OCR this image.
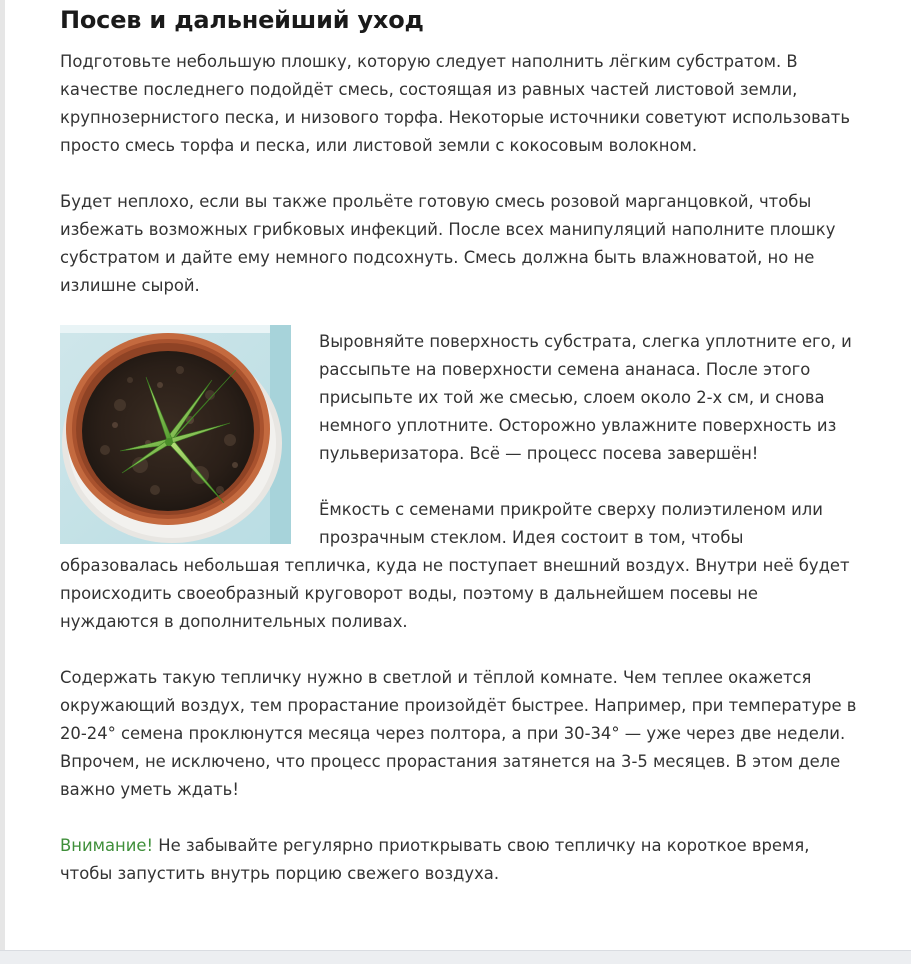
Посев и дальнейший уход

Подготовьте небольшую плошку, которую следует наполнить лёгким субстратом. В качестве последнего подойдёт смесь, состоящая из равных частей листовой земли, крупнозернистого песка, и низового торфа. Некоторые источники советуют использовать просто смесь торфа и песка, или листовой земли с кокосовым волокном.

Будет неплохо, если вы также прольёте готовую смесь розовой марганцовкой, чтобы избежать возможных грибковых инфекций. После всех манипуляций наполните плошку субстратом и дайте ему немного подсохнуть. Смесь должна быть влажноватой, но не излишне сырой.

Выровняйте поверхность субстрата, слегка уплотните его, и рассыпьте на поверхности семена ананаса. После этого присыпьте их той же смесью, слоем около 2-х см, и снова немного уплотните. Осторожно увлажните поверхность из пульверизатора. Всё — процесс посева завершён!

Ёмкость с семенами прикройте сверху полиэтиленом или прозрачным стеклом. Идея состоит в том, чтобы образовалась небольшая тепличка, куда не поступает внешний воздух. Внутри неё будет происходить своеобразный круговорот воды, поэтому в дальнейшем посевы не нуждаются в дополнительных поливах.

Содержать такую тепличку нужно в светлой и тёплой комнате. Чем теплее окажется окружающий воздух, тем прорастание произойдёт быстрее. Например, при температуре в 20-24° семена проклюнутся месяца через полтора, а при 30-34° — уже через две недели. Впрочем, не исключено, что процесс прорастания затянется на 3-5 месяцев. В этом деле важно уметь ждать!

Внимание! Не забывайте регулярно приоткрывать свою тепличку на короткое время, чтобы запустить внутрь порцию свежего воздуха.
